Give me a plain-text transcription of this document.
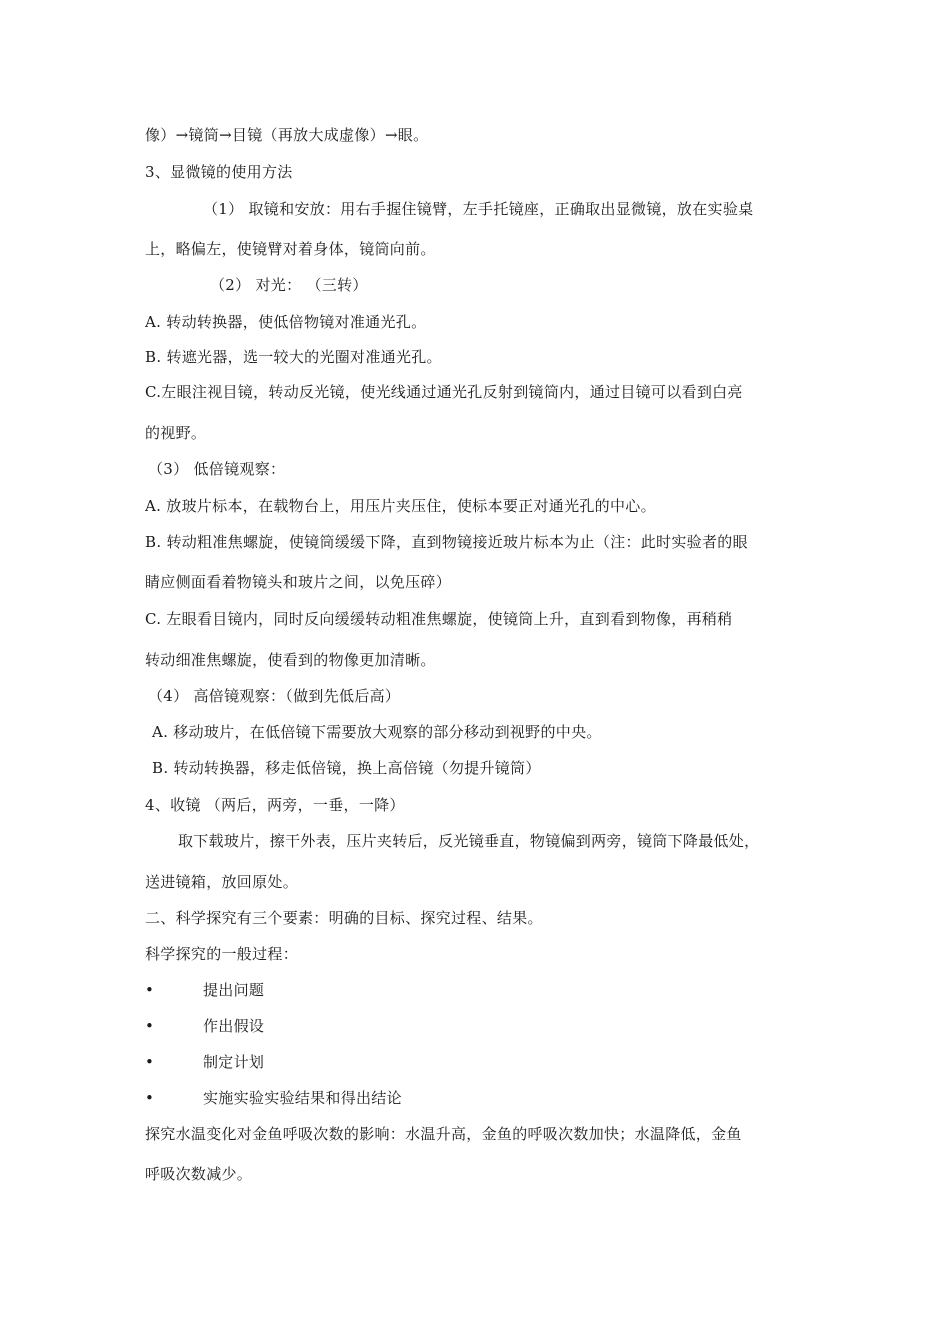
像）→镜筒→目镜（再放大成虚像）→眼。
3、显微镜的使用方法
（1） 取镜和安放：用右手握住镜臂，左手托镜座，正确取出显微镜，放在实验桌
上，略偏左，使镜臂对着身体，镜筒向前。
（2） 对光： （三转）
A. 转动转换器，使低倍物镜对准通光孔。
B. 转遮光器，选一较大的光圈对准通光孔。
C.左眼注视目镜，转动反光镜，使光线通过通光孔反射到镜筒内，通过目镜可以看到白亮
的视野。
（3） 低倍镜观察：
A. 放玻片标本，在载物台上，用压片夹压住，使标本要正对通光孔的中心。
B. 转动粗准焦螺旋，使镜筒缓缓下降，直到物镜接近玻片标本为止（注：此时实验者的眼
睛应侧面看着物镜头和玻片之间，以免压碎）
C. 左眼看目镜内，同时反向缓缓转动粗准焦螺旋，使镜筒上升，直到看到物像，再稍稍
转动细准焦螺旋，使看到的物像更加清晰。
（4） 高倍镜观察：（做到先低后高）
A. 移动玻片，在低倍镜下需要放大观察的部分移动到视野的中央。
B. 转动转换器，移走低倍镜，换上高倍镜（勿提升镜筒）
4、收镜 （两后，两旁，一垂，一降）
取下载玻片，擦干外表，压片夹转后，反光镜垂直，物镜偏到两旁，镜筒下降最低处，
送进镜箱，放回原处。
二、科学探究有三个要素：明确的目标、探究过程、结果。
科学探究的一般过程：
•	提出问题
•	作出假设
•	制定计划
•	实施实验实验结果和得出结论
探究水温变化对金鱼呼吸次数的影响：水温升高，金鱼的呼吸次数加快；水温降低，金鱼
呼吸次数减少。
